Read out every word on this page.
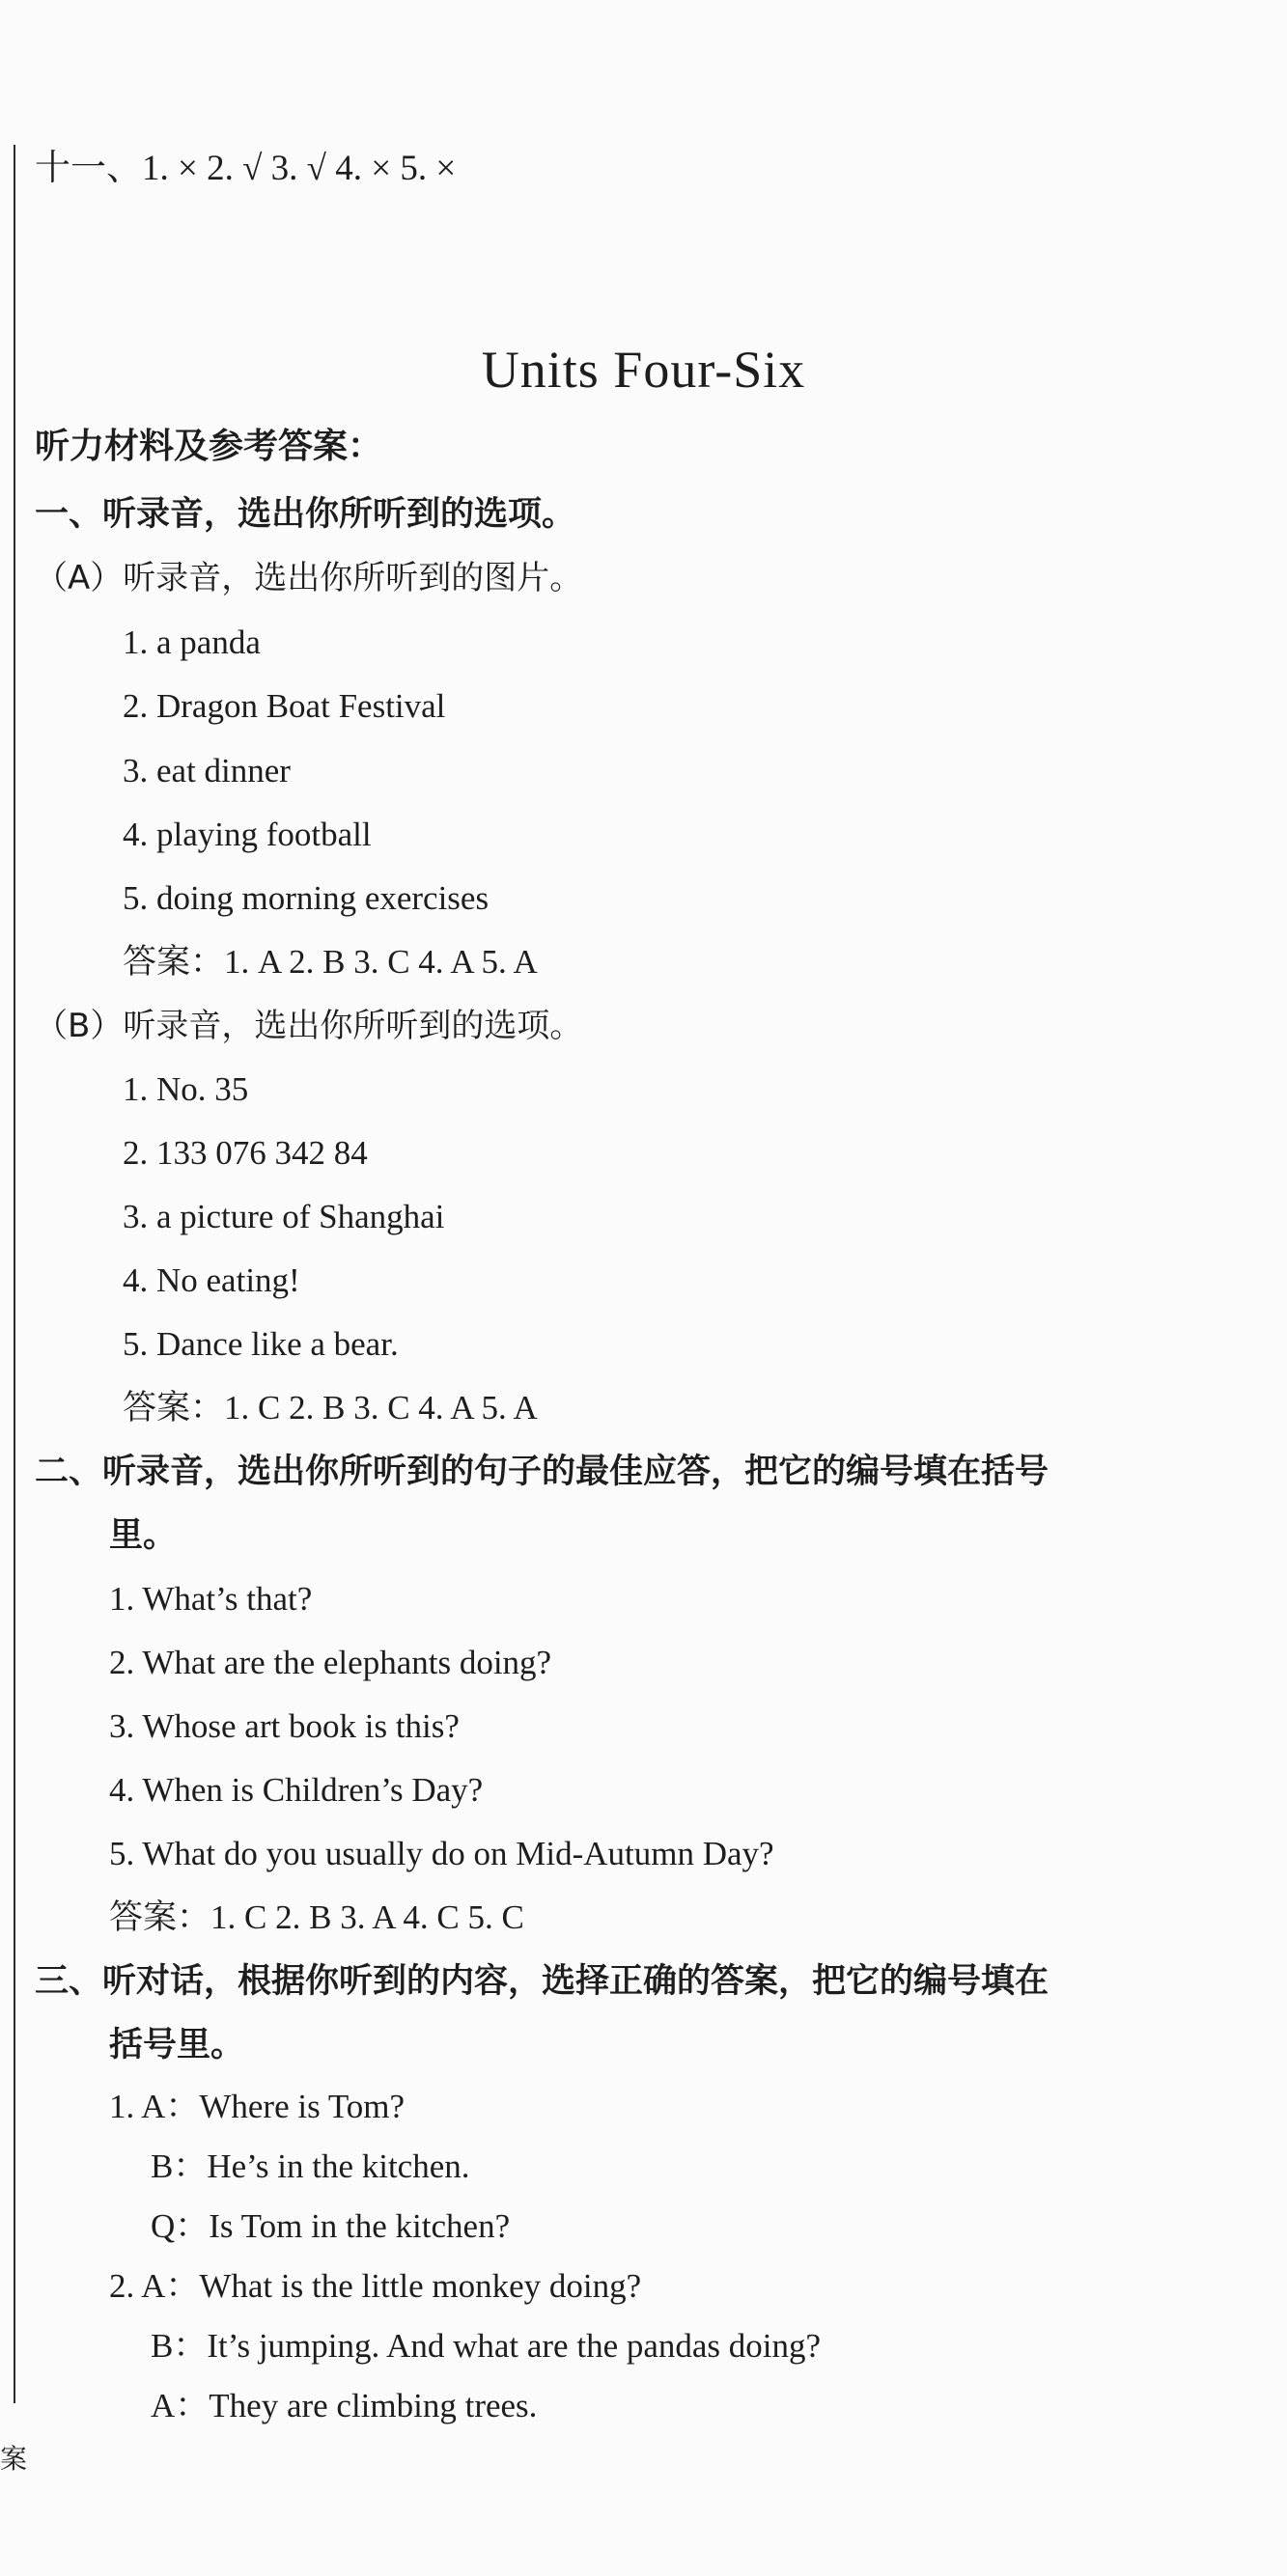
十一、1. × 2. √ 3. √ 4. × 5. ×
Units Four-Six
听力材料及参考答案：
一、听录音，选出你所听到的选项。
（A）听录音，选出你所听到的图片。
1. a panda
2. Dragon Boat Festival
3. eat dinner
4. playing football
5. doing morning exercises
答案：1. A 2. B 3. C 4. A 5. A
（B）听录音，选出你所听到的选项。
1. No. 35
2. 133 076 342 84
3. a picture of Shanghai
4. No eating!
5. Dance like a bear.
答案：1. C 2. B 3. C 4. A 5. A
二、听录音，选出你所听到的句子的最佳应答，把它的编号填在括号
里。
1. What’s that?
2. What are the elephants doing?
3. Whose art book is this?
4. When is Children’s Day?
5. What do you usually do on Mid-Autumn Day?
答案：1. C 2. B 3. A 4. C 5. C
三、听对话，根据你听到的内容，选择正确的答案，把它的编号填在
括号里。
1. A：Where is Tom?
B：He’s in the kitchen.
Q：Is Tom in the kitchen?
2. A：What is the little monkey doing?
B：It’s jumping. And what are the pandas doing?
A：They are climbing trees.
案
